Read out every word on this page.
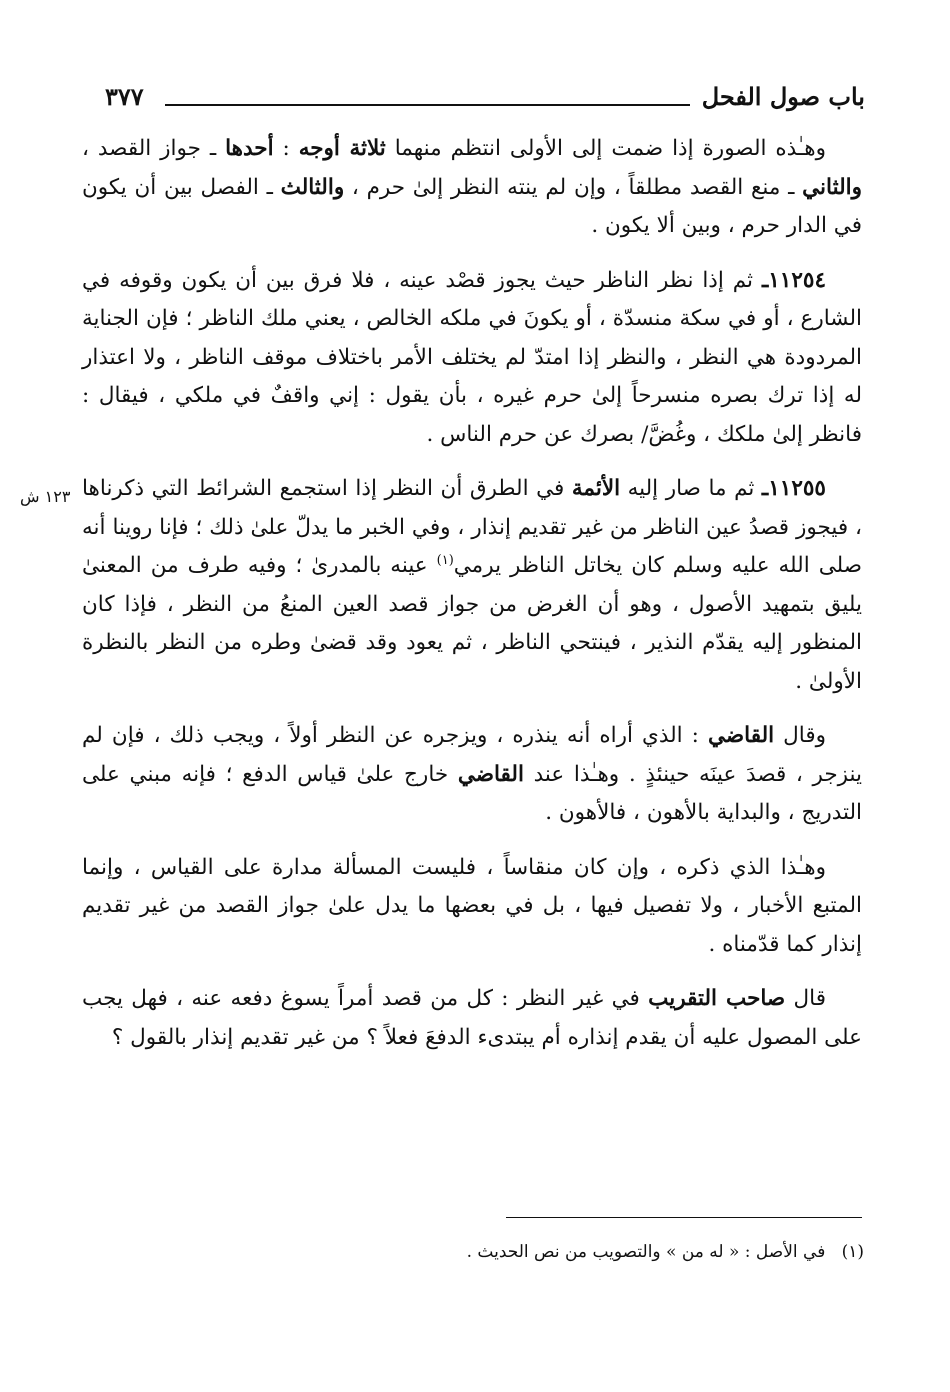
باب صول الفحل
٣٧٧
١٢٣ ش

وهـٰذه الصورة إذا ضمت إلى الأولى انتظم منهما ثلاثة أوجه : أحدها ـ جواز القصد ، والثاني ـ منع القصد مطلقاً ، وإن لم ينته النظر إلىٰ حرم ، والثالث ـ الفصل بين أن يكون في الدار حرم ، وبين ألا يكون .

١١٢٥٤ـ ثم إذا نظر الناظر حيث يجوز قصْد عينه ، فلا فرق بين أن يكون وقوفه في الشارع ، أو في سكة منسدّة ، أو يكونَ في ملكه الخالص ، يعني ملك الناظر ؛ فإن الجناية المردودة هي النظر ، والنظر إذا امتدّ لم يختلف الأمر باختلاف موقف الناظر ، ولا اعتذار له إذا ترك بصره منسرحاً إلىٰ حرم غيره ، بأن يقول : إني واقفٌ في ملكي ، فيقال : فانظر إلىٰ ملكك ، وغُضَّ/ بصرك عن حرم الناس .

١١٢٥٥ـ ثم ما صار إليه الأئمة في الطرق أن النظر إذا استجمع الشرائط التي ذكرناها ، فيجوز قصدُ عين الناظر من غير تقديم إنذار ، وفي الخبر ما يدلّ علىٰ ذلك ؛ فإنا روينا أنه صلى الله عليه وسلم كان يخاتل الناظر يرمي$^{(١)}$ عينه بالمدرىٰ ؛ وفيه طرف من المعنىٰ يليق بتمهيد الأصول ، وهو أن الغرض من جواز قصد العين المنعُ من النظر ، فإذا كان المنظور إليه يقدّم النذير ، فينتحي الناظر ، ثم يعود وقد قضىٰ وطره من النظر بالنظرة الأولىٰ .

وقال القاضي : الذي أراه أنه ينذره ، ويزجره عن النظر أولاً ، ويجب ذلك ، فإن لم ينزجر ، قصدَ عينَه حينئذٍ . وهـٰذا عند القاضي خارج علىٰ قياس الدفع ؛ فإنه مبني على التدريج ، والبداية بالأهون ، فالأهون .

وهـٰذا الذي ذكره ، وإن كان منقاساً ، فليست المسألة مدارة على القياس ، وإنما المتبع الأخبار ، ولا تفصيل فيها ، بل في بعضها ما يدل علىٰ جواز القصد من غير تقديم إنذار كما قدّمناه .

قال صاحب التقريب في غير النظر : كل من قصد أمراً يسوغ دفعه عنه ، فهل يجب على المصول عليه أن يقدم إنذاره أم يبتدىء الدفعَ فعلاً ؟ من غير تقديم إنذار بالقول ؟

(١)   في الأصل : « له من » والتصويب من نص الحديث .
